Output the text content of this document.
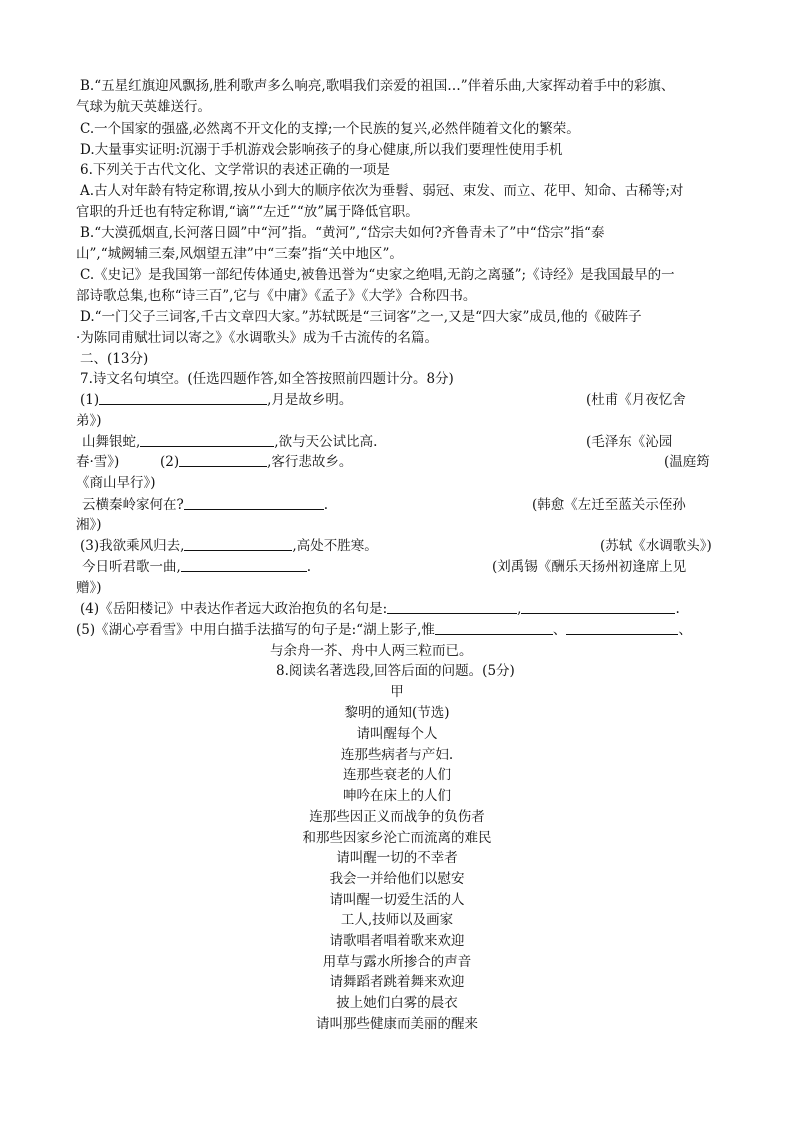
B.“五星红旗迎风飘扬,胜利歌声多么响亮,歌唱我们亲爱的祖国…”伴着乐曲,大家挥动着手中的彩旗、
气球为航天英雄送行。
C.一个国家的强盛,必然离不开文化的支撑;一个民族的复兴,必然伴随着文化的繁荣。
D.大量事实证明:沉溺于手机游戏会影响孩子的身心健康,所以我们要理性使用手机
6.下列关于古代文化、文学常识的表述正确的一项是
A.古人对年龄有特定称谓,按从小到大的顺序依次为垂髫、弱冠、束发、而立、花甲、知命、古稀等;对
官职的升迁也有特定称谓,“谪”“左迁”“放”属于降低官职。
B.“大漠孤烟直,长河落日圆”中“河”指。“黄河”,“岱宗夫如何?齐鲁青未了”中“岱宗”指“泰
山”,“城阙辅三秦,风烟望五津”中“三秦”指“关中地区”。
C.《史记》是我国第一部纪传体通史,被鲁迅誉为“史家之绝唱,无韵之离骚”;《诗经》是我国最早的一
部诗歌总集,也称“诗三百”,它与《中庸》《孟子》《大学》合称四书。
D.“一门父子三词客,千古文章四大家。”苏轼既是“三词客”之一,又是“四大家”成员,他的《破阵子
·为陈同甫赋壮词以寄之》《水调歌头》成为千古流传的名篇。
二、(13分)
7.诗文名句填空。(任选四题作答,如全答按照前四题计分。8分)
(1)	,月是故乡明。	(杜甫《月夜忆舍
弟》)
山舞银蛇,	,欲与天公试比高.	(毛泽东《沁园
春·雪》)	(2)	,客行悲故乡。	(温庭筠
《商山早行》)
云横秦岭家何在?	.	(韩愈《左迁至蓝关示侄孙
湘》)
(3)我欲乘风归去,	,高处不胜寒。	(苏轼《水调歌头》)
今日听君歌一曲,	.	(刘禹锡《酬乐天扬州初逢席上见
赠》)
(4)《岳阳楼记》中表达作者远大政治抱负的名句是:	,	.
(5)《湖心亭看雪》中用白描手法描写的句子是:“湖上影子,惟	、	、
与余舟一芥、舟中人两三粒而已。
8.阅读名著选段,回答后面的问题。(5分)
甲
黎明的通知(节选)
请叫醒每个人
连那些病者与产妇.
连那些衰老的人们
呻吟在床上的人们
连那些因正义而战争的负伤者
和那些因家乡沦亡而流离的难民
请叫醒一切的不幸者
我会一并给他们以慰安
请叫醒一切爱生活的人
工人,技师以及画家
请歌唱者唱着歌来欢迎
用草与露水所掺合的声音
请舞蹈者跳着舞来欢迎
披上她们白雾的晨衣
请叫那些健康而美丽的醒来
